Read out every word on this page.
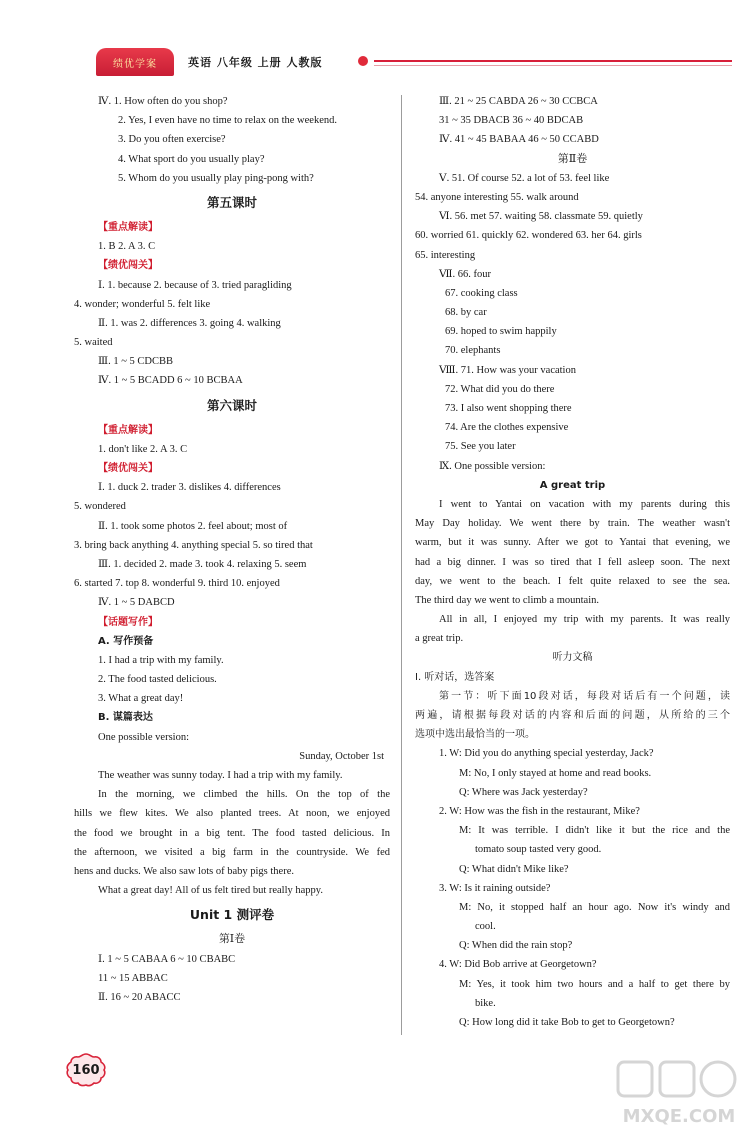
绩优学案	英语 八年级 上册 人教版
Ⅳ. 1. How often do you shop?
2. Yes, I even have no time to relax on the weekend.
3. Do you often exercise?
4. What sport do you usually play?
5. Whom do you usually play ping-pong with?
第五课时
【重点解读】
1. B 2. A 3. C
【绩优闯关】
Ⅰ. 1. because 2. because of 3. tried paragliding
4. wonder; wonderful 5. felt like
Ⅱ. 1. was 2. differences 3. going 4. walking
5. waited
Ⅲ. 1 ~ 5 CDCBB
Ⅳ. 1 ~ 5 BCADD 6 ~ 10 BCBAA
第六课时
【重点解读】
1. don't like 2. A 3. C
【绩优闯关】
Ⅰ. 1. duck 2. trader 3. dislikes 4. differences
5. wondered
Ⅱ. 1. took some photos 2. feel about; most of
3. bring back anything 4. anything special 5. so tired that
Ⅲ. 1. decided 2. made 3. took 4. relaxing 5. seem
6. started 7. top 8. wonderful 9. third 10. enjoyed
Ⅳ. 1 ~ 5 DABCD
【话题写作】
A. 写作预备
1. I had a trip with my family.
2. The food tasted delicious.
3. What a great day!
B. 谋篇表达
One possible version:
Sunday, October 1st
The weather was sunny today. I had a trip with my family.
In the morning, we climbed the hills. On the top of the
hills we flew kites. We also planted trees. At noon, we enjoyed
the food we brought in a big tent. The food tasted delicious. In
the afternoon, we visited a big farm in the countryside. We fed
hens and ducks. We also saw lots of baby pigs there.
What a great day! All of us felt tired but really happy.
Unit 1 测评卷
第Ⅰ卷
Ⅰ. 1 ~ 5 CABAA 6 ~ 10 CBABC
11 ~ 15 ABBAC
Ⅱ. 16 ~ 20 ABACC
Ⅲ. 21 ~ 25 CABDA 26 ~ 30 CCBCA
31 ~ 35 DBACB 36 ~ 40 BDCAB
Ⅳ. 41 ~ 45 BABAA 46 ~ 50 CCABD
第Ⅱ卷
Ⅴ. 51. Of course 52. a lot of 53. feel like
54. anyone interesting 55. walk around
Ⅵ. 56. met 57. waiting 58. classmate 59. quietly
60. worried 61. quickly 62. wondered 63. her 64. girls
65. interesting
Ⅶ. 66. four
67. cooking class
68. by car
69. hoped to swim happily
70. elephants
Ⅷ. 71. How was your vacation
72. What did you do there
73. I also went shopping there
74. Are the clothes expensive
75. See you later
Ⅸ. One possible version:
A great trip
I went to Yantai on vacation with my parents during this
May Day holiday. We went there by train. The weather wasn't
warm, but it was sunny. After we got to Yantai that evening, we
had a big dinner. I was so tired that I fell asleep soon. The next
day, we went to the beach. I felt quite relaxed to see the sea.
The third day we went to climb a mountain.
All in all, I enjoyed my trip with my parents. It was really
a great trip.
听力文稿
Ⅰ. 听对话，选答案
第一节：听下面10段对话，每段对话后有一个问题，读
两遍，请根据每段对话的内容和后面的问题，从所给的三个
选项中选出最恰当的一项。
1. W: Did you do anything special yesterday, Jack?
M: No, I only stayed at home and read books.
Q: Where was Jack yesterday?
2. W: How was the fish in the restaurant, Mike?
M: It was terrible. I didn't like it but the rice and the
tomato soup tasted very good.
Q: What didn't Mike like?
3. W: Is it raining outside?
M: No, it stopped half an hour ago. Now it's windy and
cool.
Q: When did the rain stop?
4. W: Did Bob arrive at Georgetown?
M: Yes, it took him two hours and a half to get there by
bike.
Q: How long did it take Bob to get to Georgetown?
160
MXQE.COM
